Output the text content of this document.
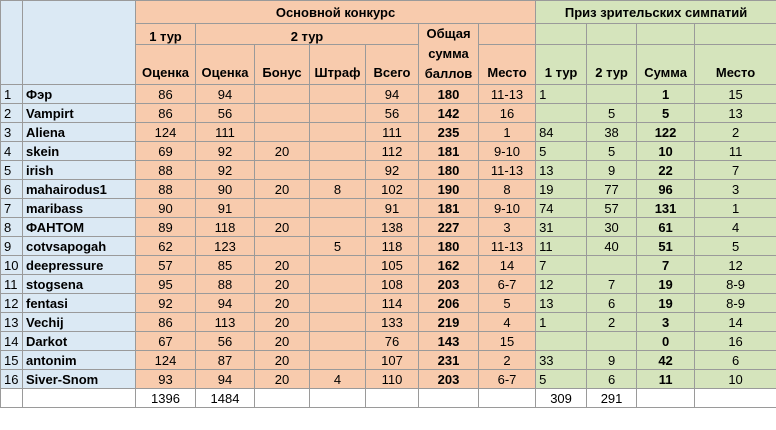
		Основной конкурс							Приз зрительских симпатий			
		1 тур	2 тур				Общая
сумма
баллов					

		Оценка	Оценка	Бонус	Штраф	Всего		Место	1 тур	2 тур	Сумма	Место
1	Фэр	86	94			94	180	11-13	1		1	15
2	Vampirt	86	56			56	142	16		5	5	13
3	Aliena	124	111			111	235	1	84	38	122	2
4	skein	69	92	20		112	181	9-10	5	5	10	11
5	irish	88	92			92	180	11-13	13	9	22	7
6	mahairodus1	88	90	20	8	102	190	8	19	77	96	3
7	maribass	90	91			91	181	9-10	74	57	131	1
8	ФАНТОМ	89	118	20		138	227	3	31	30	61	4
9	cotvsapogah	62	123		5	118	180	11-13	11	40	51	5
10	deepressure	57	85	20		105	162	14	7		7	12
11	stogsena	95	88	20		108	203	6-7	12	7	19	8-9
12	fentasi	92	94	20		114	206	5	13	6	19	8-9
13	Vechij	86	113	20		133	219	4	1	2	3	14
14	Darkot	67	56	20		76	143	15			0	16
15	antonim	124	87	20		107	231	2	33	9	42	6
16	Siver-Snom	93	94	20	4	110	203	6-7	5	6	11	10
		1396	1484						309	291		
